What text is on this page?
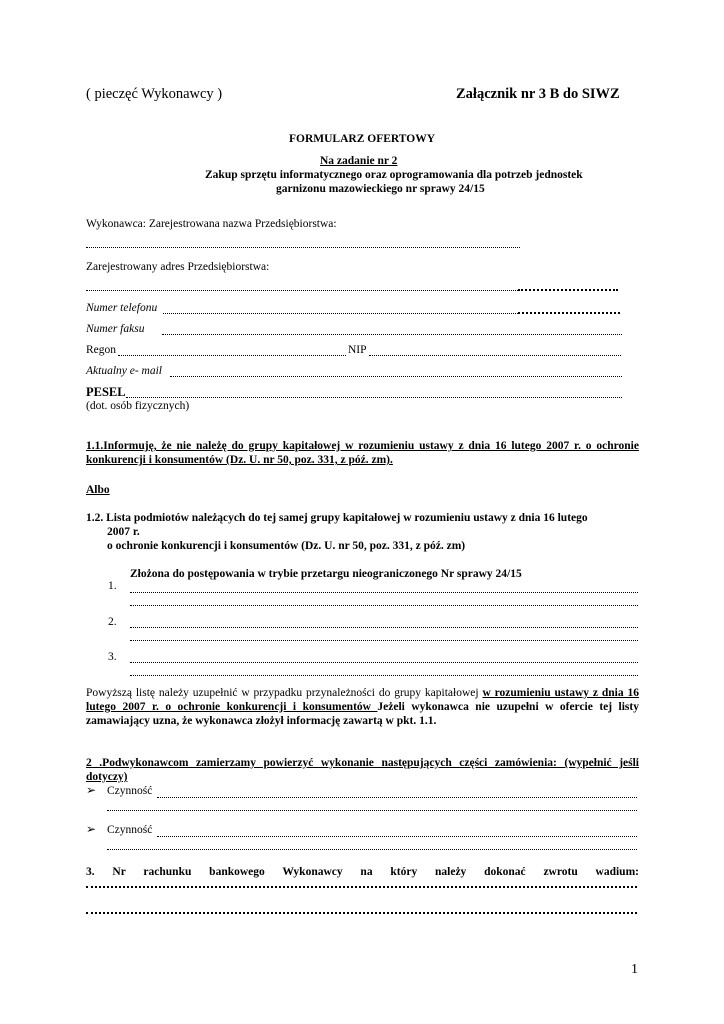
( pieczęć Wykonawcy )	Załącznik nr 3 B do SIWZ
FORMULARZ OFERTOWY
Na zadanie nr 2
Zakup sprzętu informatycznego oraz oprogramowania dla potrzeb jednostek
garnizonu mazowieckiego nr sprawy 24/15
Wykonawca: Zarejestrowana nazwa Przedsiębiorstwa:
Zarejestrowany adres Przedsiębiorstwa:
Numer telefonu
Numer faksu
Regon	NIP
Aktualny e- mail
PESEL
(dot. osób fizycznych)
1.1.Informuję, że nie należę do grupy kapitałowej w rozumieniu ustawy z dnia 16 lutego 2007 r. o ochronie konkurencji i konsumentów (Dz. U. nr 50, poz. 331, z póź. zm).
Albo
1.2. Lista podmiotów należących do tej samej grupy kapitałowej w rozumieniu ustawy z dnia 16 lutego
2007 r.
o ochronie konkurencji i konsumentów (Dz. U. nr 50, poz. 331, z póź. zm)
Złożona do postępowania w trybie przetargu nieograniczonego Nr sprawy 24/15
1.
2.
3.
Powyższą listę należy uzupełnić w przypadku przynależności do grupy kapitałowej w rozumieniu ustawy z dnia 16 lutego 2007 r. o ochronie konkurencji i konsumentów Jeżeli wykonawca nie uzupełni w ofercie tej listy zamawiający uzna, że wykonawca złożył informację zawartą w pkt. 1.1.
2 .Podwykonawcom zamierzamy powierzyć wykonanie następujących części zamówienia: (wypełnić jeśli dotyczy)
➢ Czynność
➢ Czynność
3. Nr rachunku bankowego Wykonawcy na który należy dokonać zwrotu wadium:
1
